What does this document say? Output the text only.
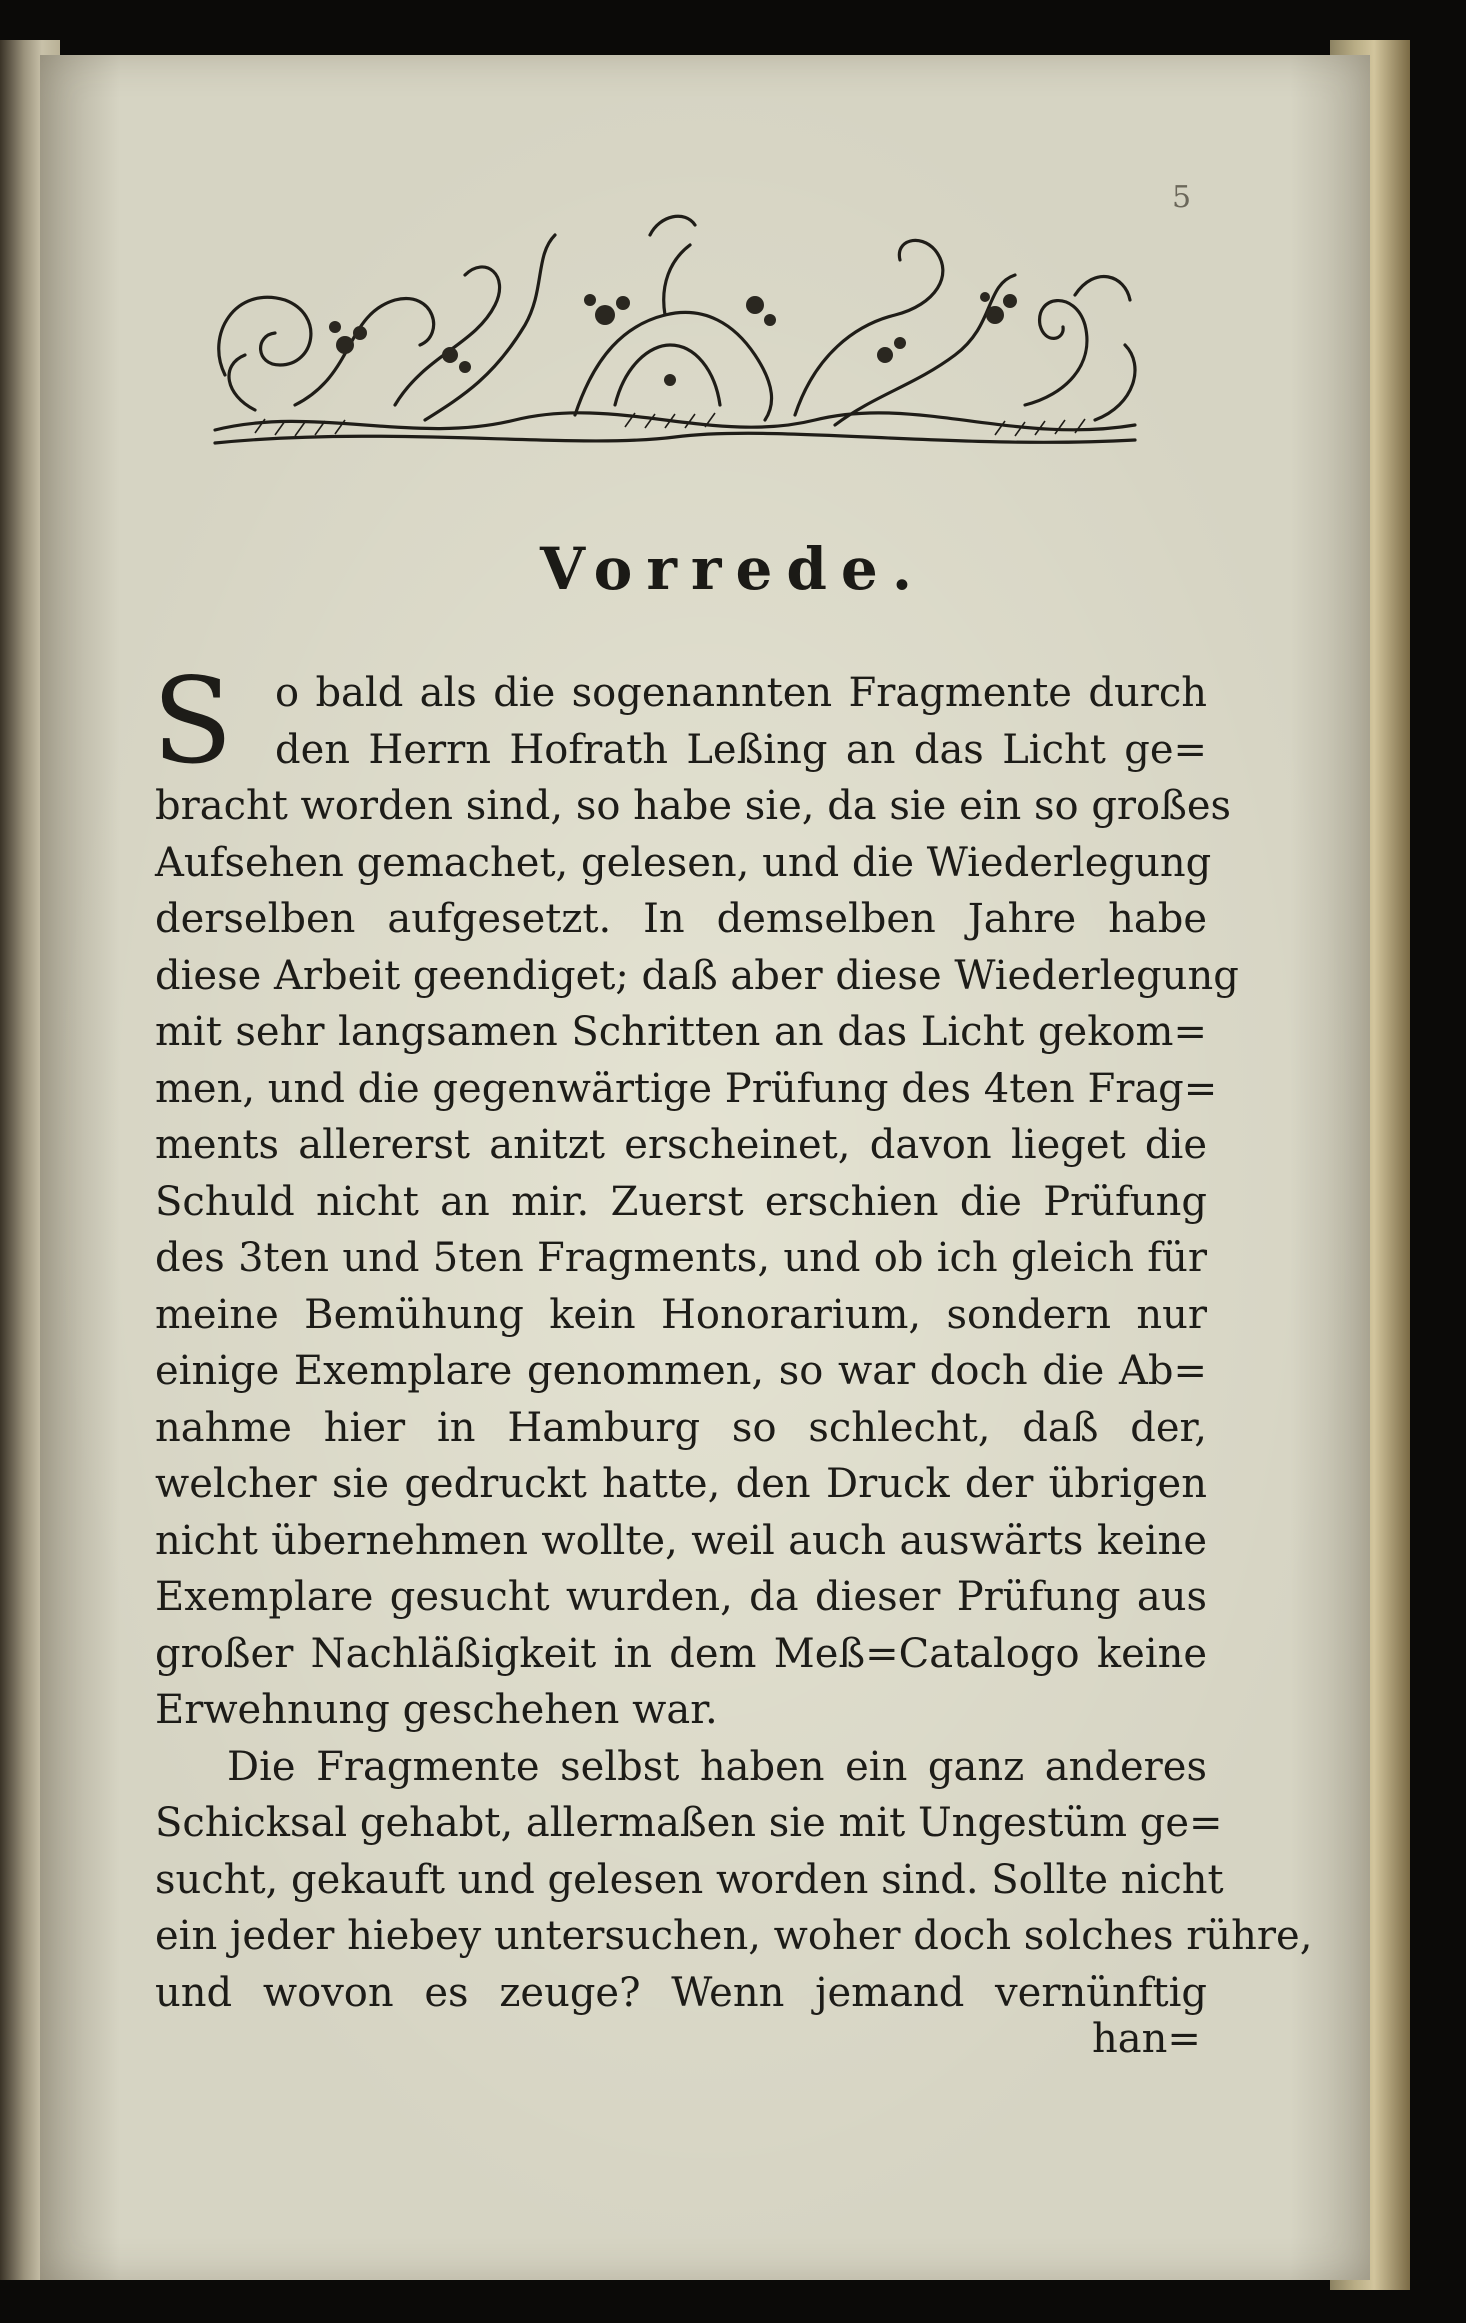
5
Vorrede.
S	o bald als die sogenannten Fragmente durch
den Herrn Hofrath Leßing an das Licht ge=
bracht worden sind, so habe sie, da sie ein so großes
Aufsehen gemachet, gelesen, und die Wiederlegung
derselben aufgesetzt. In demselben Jahre habe
diese Arbeit geendiget; daß aber diese Wiederlegung
mit sehr langsamen Schritten an das Licht gekom=
men, und die gegenwärtige Prüfung des 4ten Frag=
ments allererst anitzt erscheinet, davon lieget die
Schuld nicht an mir. Zuerst erschien die Prüfung
des 3ten und 5ten Fragments, und ob ich gleich für
meine Bemühung kein Honorarium, sondern nur
einige Exemplare genommen, so war doch die Ab=
nahme hier in Hamburg so schlecht, daß der,
welcher sie gedruckt hatte, den Druck der übrigen
nicht übernehmen wollte, weil auch auswärts keine
Exemplare gesucht wurden, da dieser Prüfung aus
großer Nachläßigkeit in dem Meß=Catalogo keine
Erwehnung geschehen war.
Die Fragmente selbst haben ein ganz anderes
Schicksal gehabt, allermaßen sie mit Ungestüm ge=
sucht, gekauft und gelesen worden sind. Sollte nicht
ein jeder hiebey untersuchen, woher doch solches rühre,
und wovon es zeuge? Wenn jemand vernünftig
han=
